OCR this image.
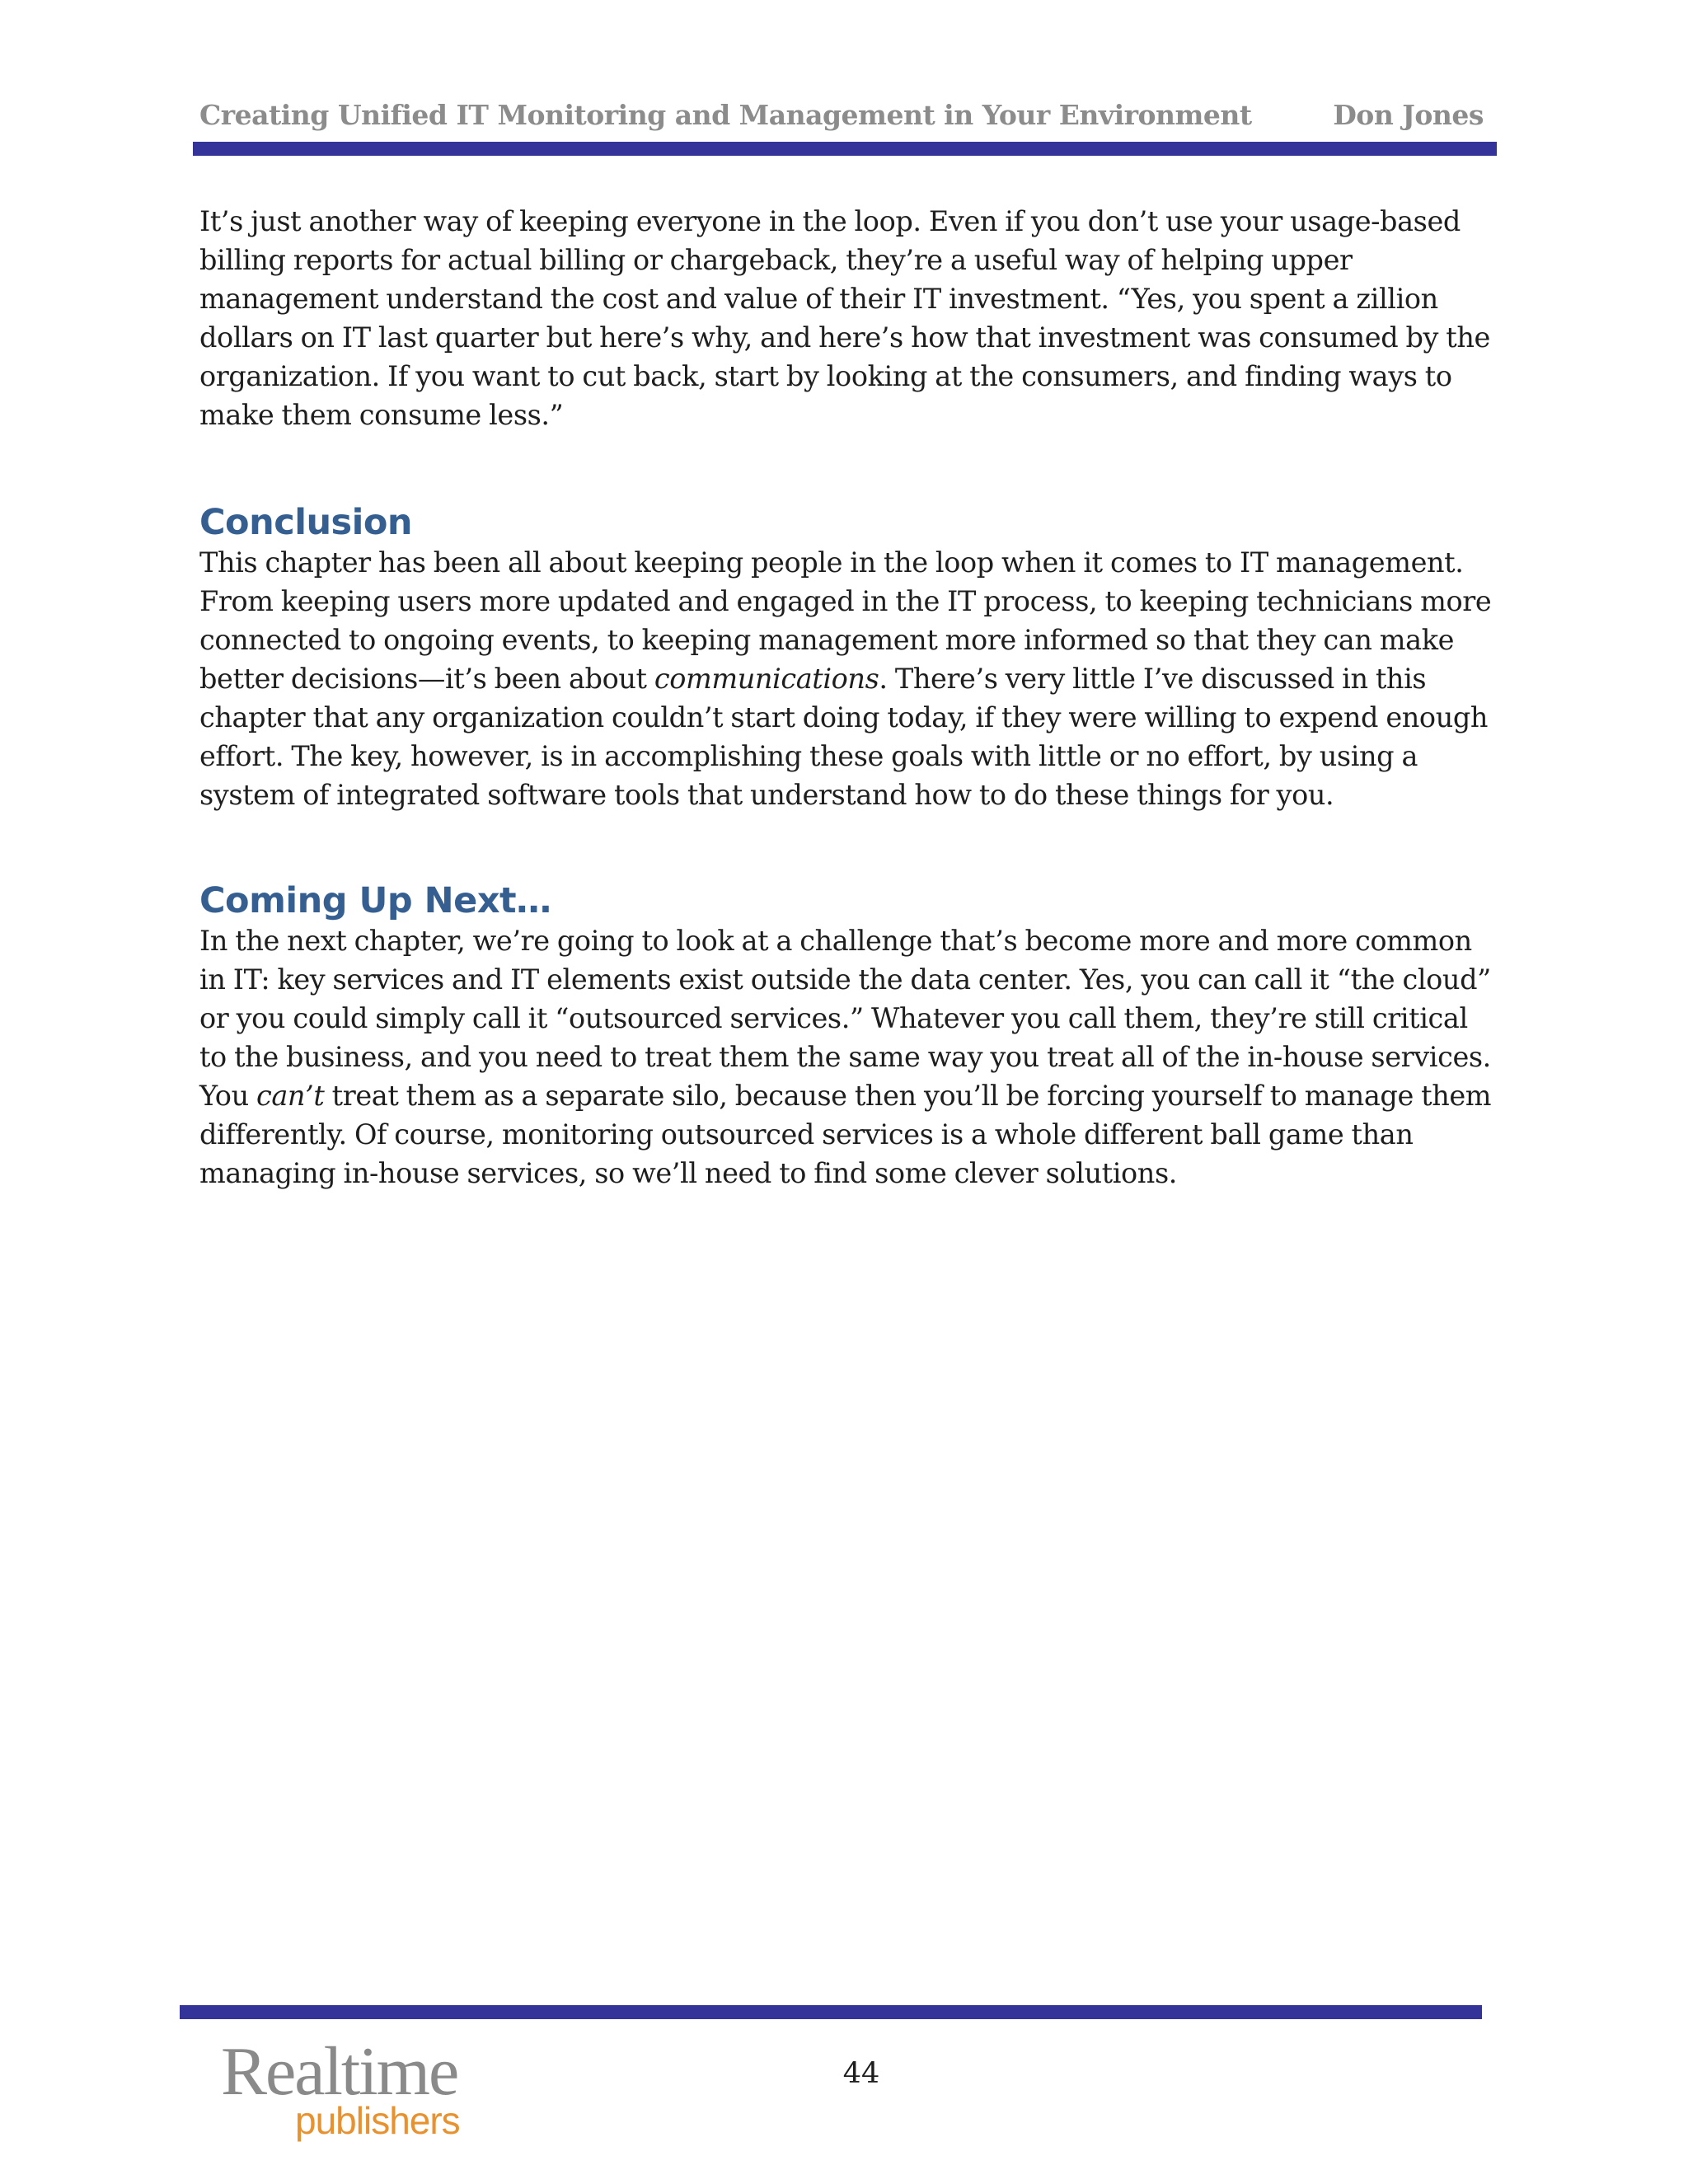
Creating Unified IT Monitoring and Management in Your Environment	Don Jones

It’s just another way of keeping everyone in the loop. Even if you don’t use your usage-based billing reports for actual billing or chargeback, they’re a useful way of helping upper management understand the cost and value of their IT investment. “Yes, you spent a zillion dollars on IT last quarter but here’s why, and here’s how that investment was consumed by the organization. If you want to cut back, start by looking at the consumers, and finding ways to make them consume less.”

Conclusion

This chapter has been all about keeping people in the loop when it comes to IT management. From keeping users more updated and engaged in the IT process, to keeping technicians more connected to ongoing events, to keeping management more informed so that they can make better decisions—it’s been about communications. There’s very little I’ve discussed in this chapter that any organization couldn’t start doing today, if they were willing to expend enough effort. The key, however, is in accomplishing these goals with little or no effort, by using a system of integrated software tools that understand how to do these things for you.

Coming Up Next…

In the next chapter, we’re going to look at a challenge that’s become more and more common in IT: key services and IT elements exist outside the data center. Yes, you can call it “the cloud” or you could simply call it “outsourced services.” Whatever you call them, they’re still critical to the business, and you need to treat them the same way you treat all of the in-house services. You can’t treat them as a separate silo, because then you’ll be forcing yourself to manage them differently. Of course, monitoring outsourced services is a whole different ball game than managing in-house services, so we’ll need to find some clever solutions.

Realtime
publishers
44
